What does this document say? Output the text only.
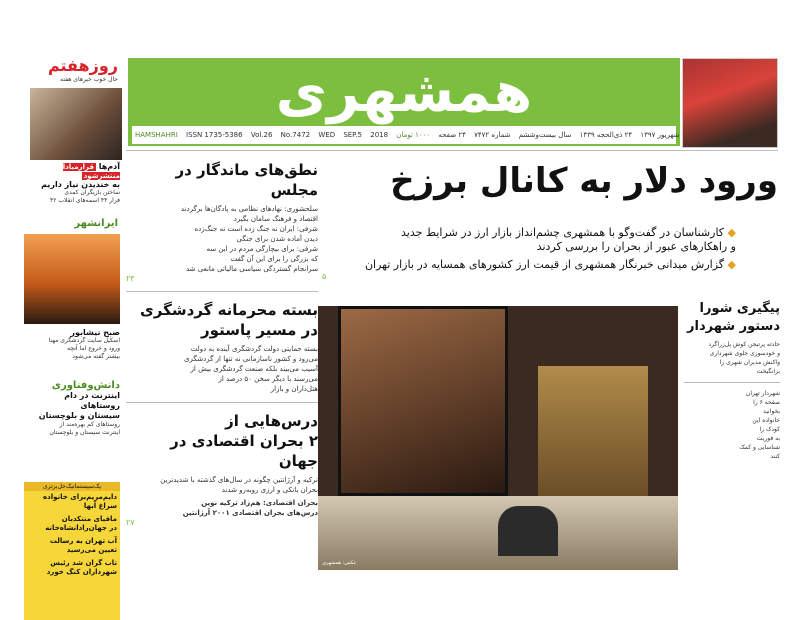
همشهری
HAMSHAHRI ISSN 1735-5386 Vol.26 No.7472 WED SEP.5 2018	شهریور ۱۳۹۷ ۲۴ ذی‌الحجه ۱۴۳۹ سال بیست‌وششم شماره ۷۴۷۲ ۲۴ صفحه ۱۰۰۰ تومان
ضمیمه همشهری ورزشی
روزهفتم
حال خوب خبرهای هفته
آدم‌ها قرارمبادا منتشرشود
به خندیدن نیاز داریم
ساختن بازیگران کمدی
فرار ۴۴ اسمه‌های انقلاب ۴۲
ایرانشهر
صبح نیشابور
اسکیل سایت گردشگری مهنا
ورود و خروج اما آنچه
بیشتر گفته می‌شود
دانش‌وفناوری
اینترنت در دام روستاهای
سیستان و بلوچستان
روستاهای کم بهره‌مند از
اینترنت سیستان و بلوچستان
یک‌سیستماتیک‌حل‌برتری
دایم‌مریم‌برای خانواده
سراغ آبها
مافیای منتکدبان
در جهان‌رادانشاه‌خانه
آب تهران به رسالت
تعیین می‌رسید
تاب گران شد رئیس
شهرداران کنگ خورد
ورود دلار به کانال برزخ
◆ کارشناسان در گفت‌وگو با همشهری چشم‌انداز بازار ارز در شرایط جدید
و راهکارهای عبور از بحران را بررسی کردند
◆ گزارش میدانی خبرنگار همشهری از قیمت ارز کشورهای همسایه در بازار تهران
۵
نطق‌های ماندگار در مجلس
سلحشوری: نهادهای نظامی به پادگان‌ها برگردند
اقتصاد و فرهنگ سامان بگیرد
شرفی: ایران نه جنگ زده است نه جنگ‌زده
دیدن آماده شدن برای جنگی
شرفی: برای بیچارگی مردم در این سه
که بزرگی را برای این آن گفت
سرانجام گستردگی سیاسی مالیاتی مانعی شد
۲۳
بسته محرمانه گردشگری
در مسیر پاستور
بسته حمایتی دولت گردشگری آینده به دولت
می‌رود و کشور ناسازمانی نه تنها از گردشگری
آسیب می‌بیند بلکه صنعت گردشگری بیش از
می‌رسند با دیگر سخن ۵۰ درصد از
هتل‌داران و بازار
درس‌هایی از
۲ بحران اقتصادی در جهان
ترکیه و آرژانتین چگونه در سال‌های گذشته با شدیدترین
بحران بانکی و ارزی روبه‌رو شدند
بحران اقتصادی: هم‌زاد ترکیه نوین
درس‌های بحران اقتصادی ۲۰۰۱ آرژانتین
۲۷
عکس: همشهری
پیگیری شورا
دستور شهردار
حادثه پرتیجن کوش پل‌زراگرد
و خودسوزی جلوی شهرداری
واکنش مدیران شهری را
برانگیخت
شهردار تهران
صفحه ۶ را
بخوانید
خانواده این
کودک را
به فوریت
شناسایی و کمک
کنند
